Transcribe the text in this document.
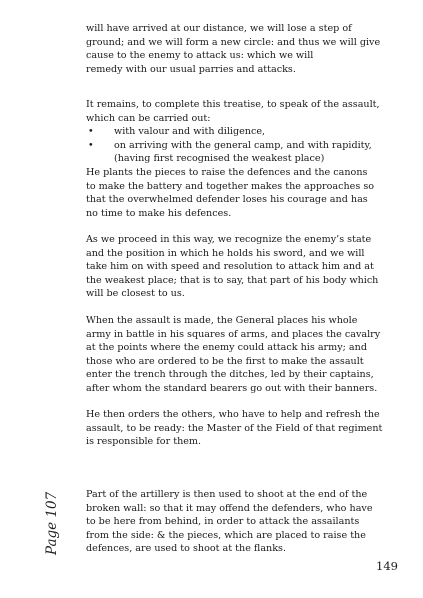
will have arrived at our distance, we will lose a step of
ground; and we will form a new circle: and thus we will give
cause to the enemy to attack us: which we will
remedy with our usual parries and attacks.

It remains, to complete this treatise, to speak of the assault,
which can be carried out:
• with valour and with diligence,
• on arriving with the general camp, and with rapidity,
(having first recognised the weakest place)
He plants the pieces to raise the defences and the canons
to make the battery and together makes the approaches so
that the overwhelmed defender loses his courage and has
no time to make his defences.

As we proceed in this way, we recognize the enemy’s state
and the position in which he holds his sword, and we will
take him on with speed and resolution to attack him and at
the weakest place; that is to say, that part of his body which
will be closest to us.

When the assault is made, the General places his whole
army in battle in his squares of arms, and places the cavalry
at the points where the enemy could attack his army; and
those who are ordered to be the first to make the assault
enter the trench through the ditches, led by their captains,
after whom the standard bearers go out with their banners.

He then orders the others, who have to help and refresh the
assault, to be ready: the Master of the Field of that regiment
is responsible for them.

Page 107	Part of the artillery is then used to shoot at the end of the
broken wall: so that it may offend the defenders, who have
to be here from behind, in order to attack the assailants
from the side: & the pieces, which are placed to raise the
defences, are used to shoot at the flanks.

149
